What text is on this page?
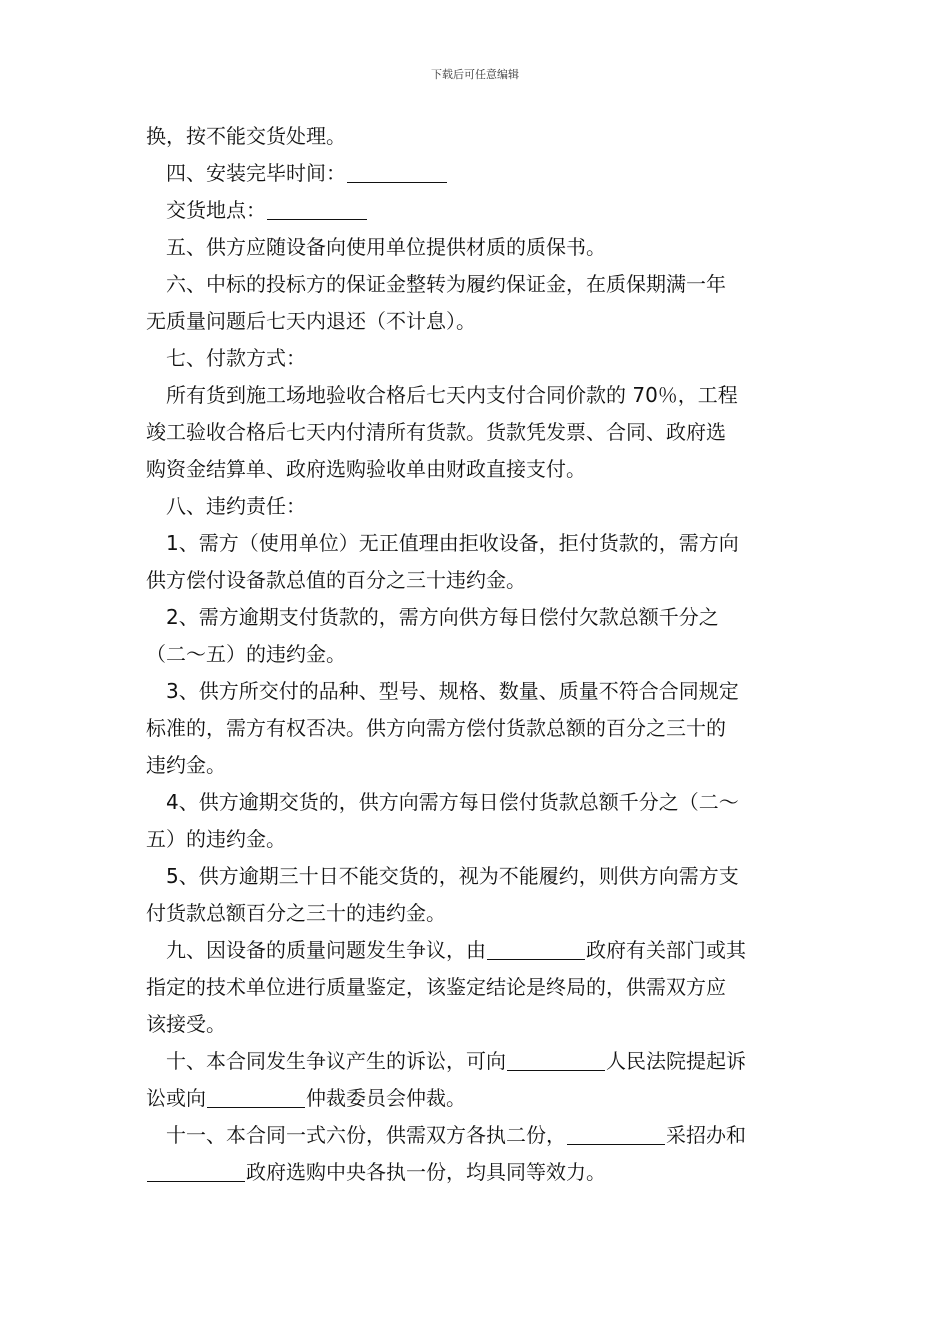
下载后可任意编辑

换，按不能交货处理。

四、安装完毕时间：

交货地点：

五、供方应随设备向使用单位提供材质的质保书。

六、中标的投标方的保证金整转为履约保证金，在质保期满一年

无质量问题后七天内退还（不计息）。

七、付款方式：

所有货到施工场地验收合格后七天内支付合同价款的 70％，工程

竣工验收合格后七天内付清所有货款。货款凭发票、合同、政府选

购资金结算单、政府选购验收单由财政直接支付。

八、违约责任：

1、需方（使用单位）无正值理由拒收设备，拒付货款的，需方向

供方偿付设备款总值的百分之三十违约金。

2、需方逾期支付货款的，需方向供方每日偿付欠款总额千分之

（二～五）的违约金。

3、供方所交付的品种、型号、规格、数量、质量不符合合同规定

标准的，需方有权否决。供方向需方偿付货款总额的百分之三十的

违约金。

4、供方逾期交货的，供方向需方每日偿付货款总额千分之（二～

五）的违约金。

5、供方逾期三十日不能交货的，视为不能履约，则供方向需方支

付货款总额百分之三十的违约金。

九、因设备的质量问题发生争议，由	政府有关部门或其

指定的技术单位进行质量鉴定，该鉴定结论是终局的，供需双方应

该接受。

十、本合同发生争议产生的诉讼，可向	人民法院提起诉

讼或向	仲裁委员会仲裁。

十一、本合同一式六份，供需双方各执二份，	采招办和

政府选购中央各执一份，均具同等效力。
